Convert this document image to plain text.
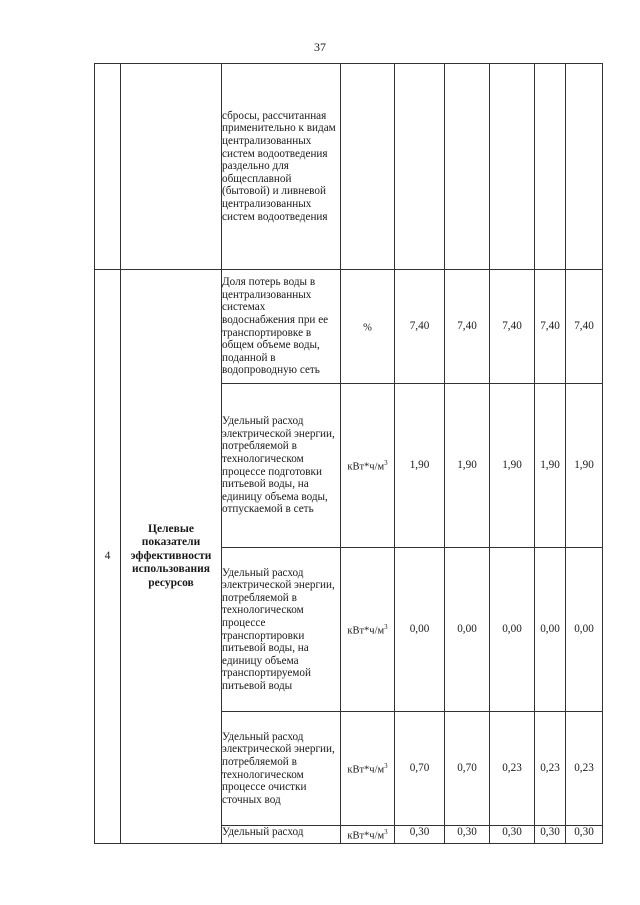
37
		сбросы, рассчитанная применительно к видам централизованных систем водоотведения раздельно для общесплавной (бытовой) и ливневой централизованных систем водоотведения						
4	Целевые показатели эффективности использования ресурсов	Доля потерь воды в централизованных системах водоснабжения при ее транспортировке в общем объеме воды, поданной в водопроводную сеть	%	7,40	7,40	7,40	7,40	7,40
		Удельный расход электрической энергии, потребляемой в технологическом процессе подготовки питьевой воды, на единицу объема воды, отпускаемой в сеть	$кВт*ч/м^3$	1,90	1,90	1,90	1,90	1,90
		Удельный расход электрической энергии, потребляемой в технологическом процессе транспортировки питьевой воды, на единицу объема транспортируемой питьевой воды	$кВт*ч/м^3$	0,00	0,00	0,00	0,00	0,00
		Удельный расход электрической энергии, потребляемой в технологическом процессе очистки сточных вод	$кВт*ч/м^3$	0,70	0,70	0,23	0,23	0,23
		Удельный расход	$кВт*ч/м^3$	0,30	0,30	0,30	0,30	0,30
